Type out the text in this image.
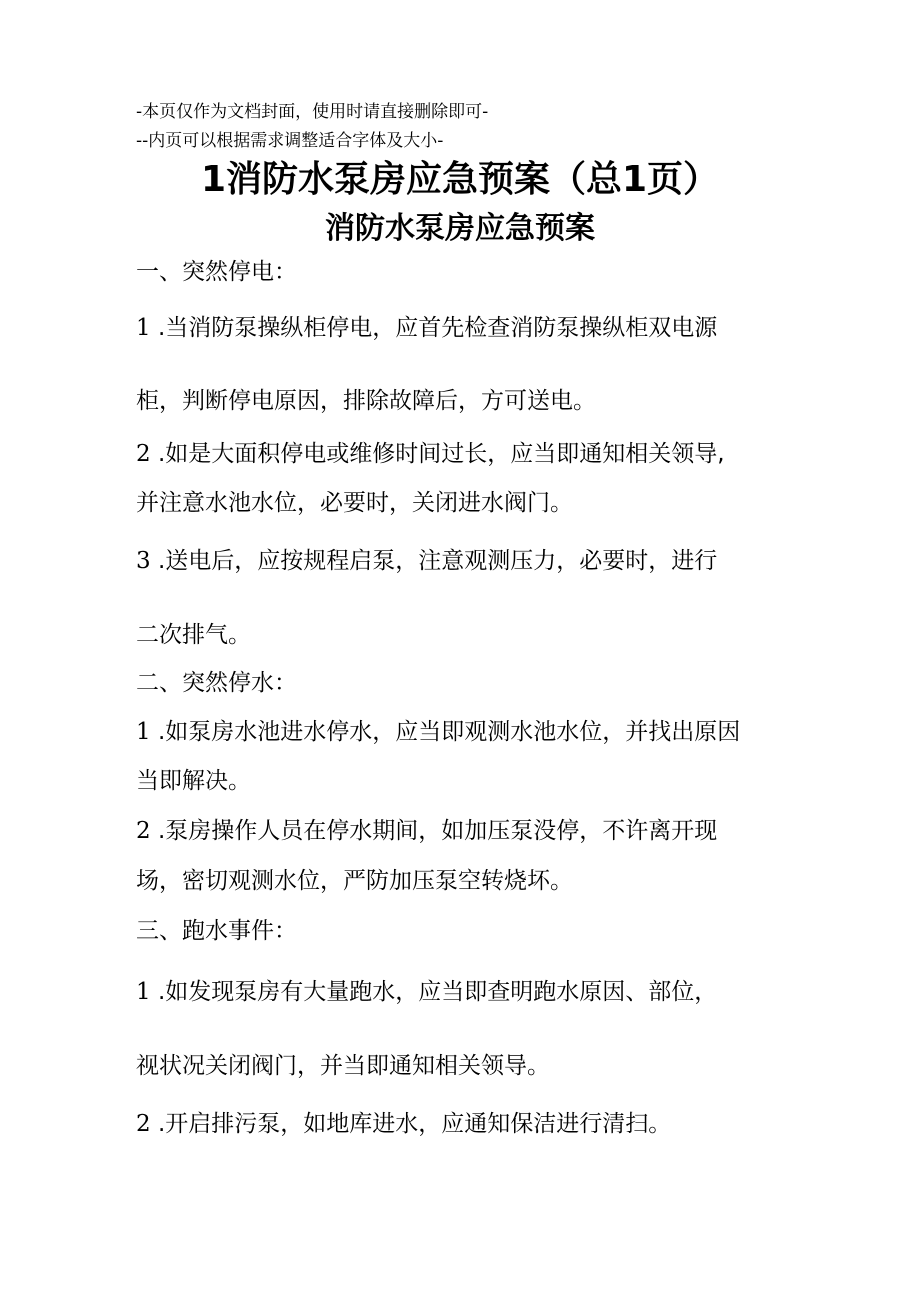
-本页仅作为文档封面，使用时请直接删除即可-

--内页可以根据需求调整适合字体及大小-

1消防水泵房应急预案（总1页）
消防水泵房应急预案

一、突然停电：

1 .当消防泵操纵柜停电，应首先检查消防泵操纵柜双电源

柜，判断停电原因，排除故障后，方可送电。

2 .如是大面积停电或维修时间过长，应当即通知相关领导,

并注意水池水位，必要时，关闭进水阀门。

3 .送电后，应按规程启泵，注意观测压力，必要时，进行

二次排气。

二、突然停水：

1 .如泵房水池进水停水，应当即观测水池水位，并找出原因

当即解决。

2 .泵房操作人员在停水期间，如加压泵没停，不许离开现

场，密切观测水位，严防加压泵空转烧坏。

三、跑水事件：

1 .如发现泵房有大量跑水，应当即查明跑水原因、部位，

视状况关闭阀门，并当即通知相关领导。

2 .开启排污泵，如地库进水，应通知保洁进行清扫。
